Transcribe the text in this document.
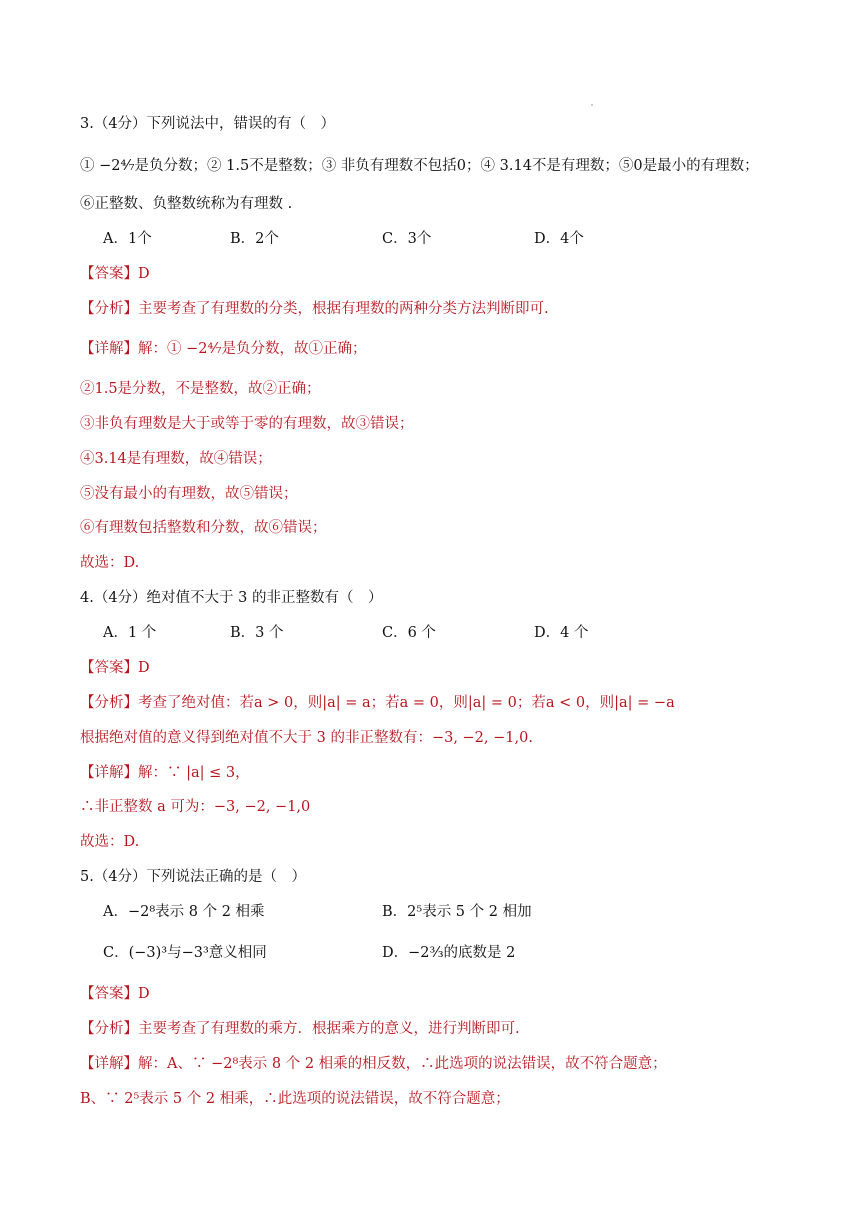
3.（4分）下列说法中，错误的有（　）
① −2⁴⁄₇是负分数；② 1.5不是整数；③ 非负有理数不包括0；④ 3.14不是有理数；⑤0是最小的有理数；
⑥正整数、负整数统称为有理数 .
A．1个	B．2个	C．3个	D．4个
【答案】D
【分析】主要考查了有理数的分类，根据有理数的两种分类方法判断即可.
【详解】解：① −2⁴⁄₇是负分数，故①正确；
②1.5是分数，不是整数，故②正确；
③非负有理数是大于或等于零的有理数，故③错误；
④3.14是有理数，故④错误；
⑤没有最小的有理数，故⑤错误；
⑥有理数包括整数和分数，故⑥错误；
故选：D.
4.（4分）绝对值不大于 3 的非正整数有（　）
A．1 个	B．3 个	C．6 个	D．4 个
【答案】D
【分析】考查了绝对值：若a > 0，则|a| = a；若a = 0，则|a| = 0；若a < 0，则|a| = −a
根据绝对值的意义得到绝对值不大于 3 的非正整数有：−3, −2, −1,0.
【详解】解：∵ |a| ≤ 3，
∴非正整数 a 可为：−3, −2, −1,0
故选：D.
5.（4分）下列说法正确的是（　）
A．−2⁸表示 8 个 2 相乘	B．2⁵表示 5 个 2 相加
C．(−3)³与−3³意义相同	D．−2³⁄₃的底数是 2
【答案】D
【分析】主要考查了有理数的乘方．根据乘方的意义，进行判断即可.
【详解】解：A、∵ −2⁸表示 8 个 2 相乘的相反数，∴此选项的说法错误，故不符合题意；
B、∵ 2⁵表示 5 个 2 相乘，∴此选项的说法错误，故不符合题意；
